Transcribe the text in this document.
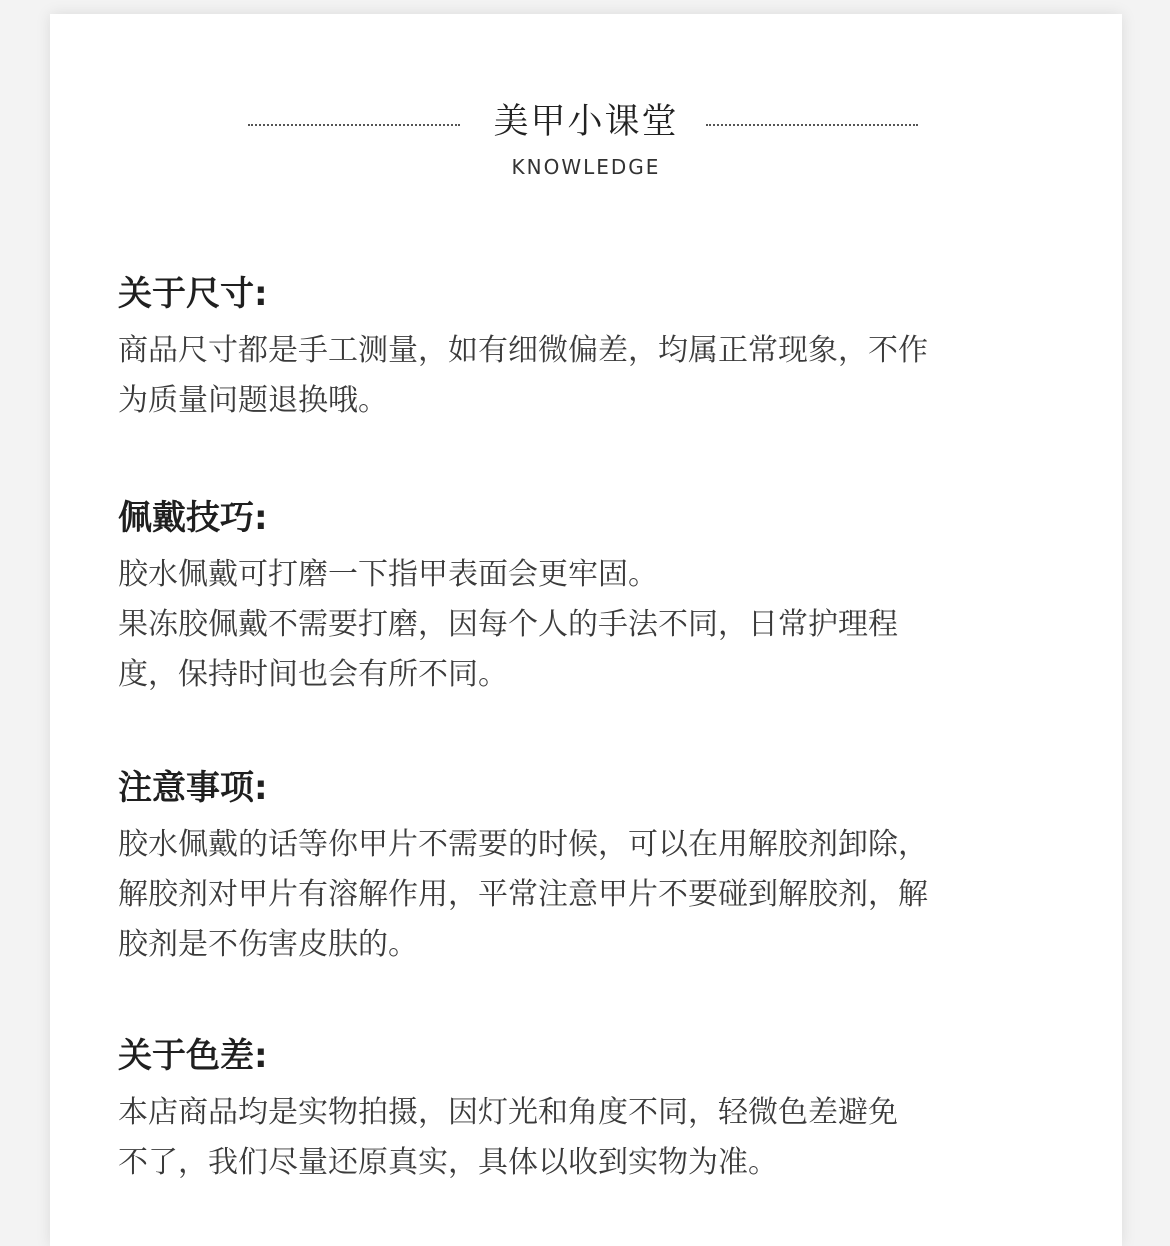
美甲小课堂
KNOWLEDGE
关于尺寸:

商品尺寸都是手工测量，如有细微偏差，均属正常现象，不作

为质量问题退换哦。

佩戴技巧:

胶水佩戴可打磨一下指甲表面会更牢固。

果冻胶佩戴不需要打磨，因每个人的手法不同，日常护理程

度，保持时间也会有所不同。

注意事项:

胶水佩戴的话等你甲片不需要的时候，可以在用解胶剂卸除，

解胶剂对甲片有溶解作用，平常注意甲片不要碰到解胶剂，解

胶剂是不伤害皮肤的。

关于色差:

本店商品均是实物拍摄，因灯光和角度不同，轻微色差避免

不了，我们尽量还原真实，具体以收到实物为准。
